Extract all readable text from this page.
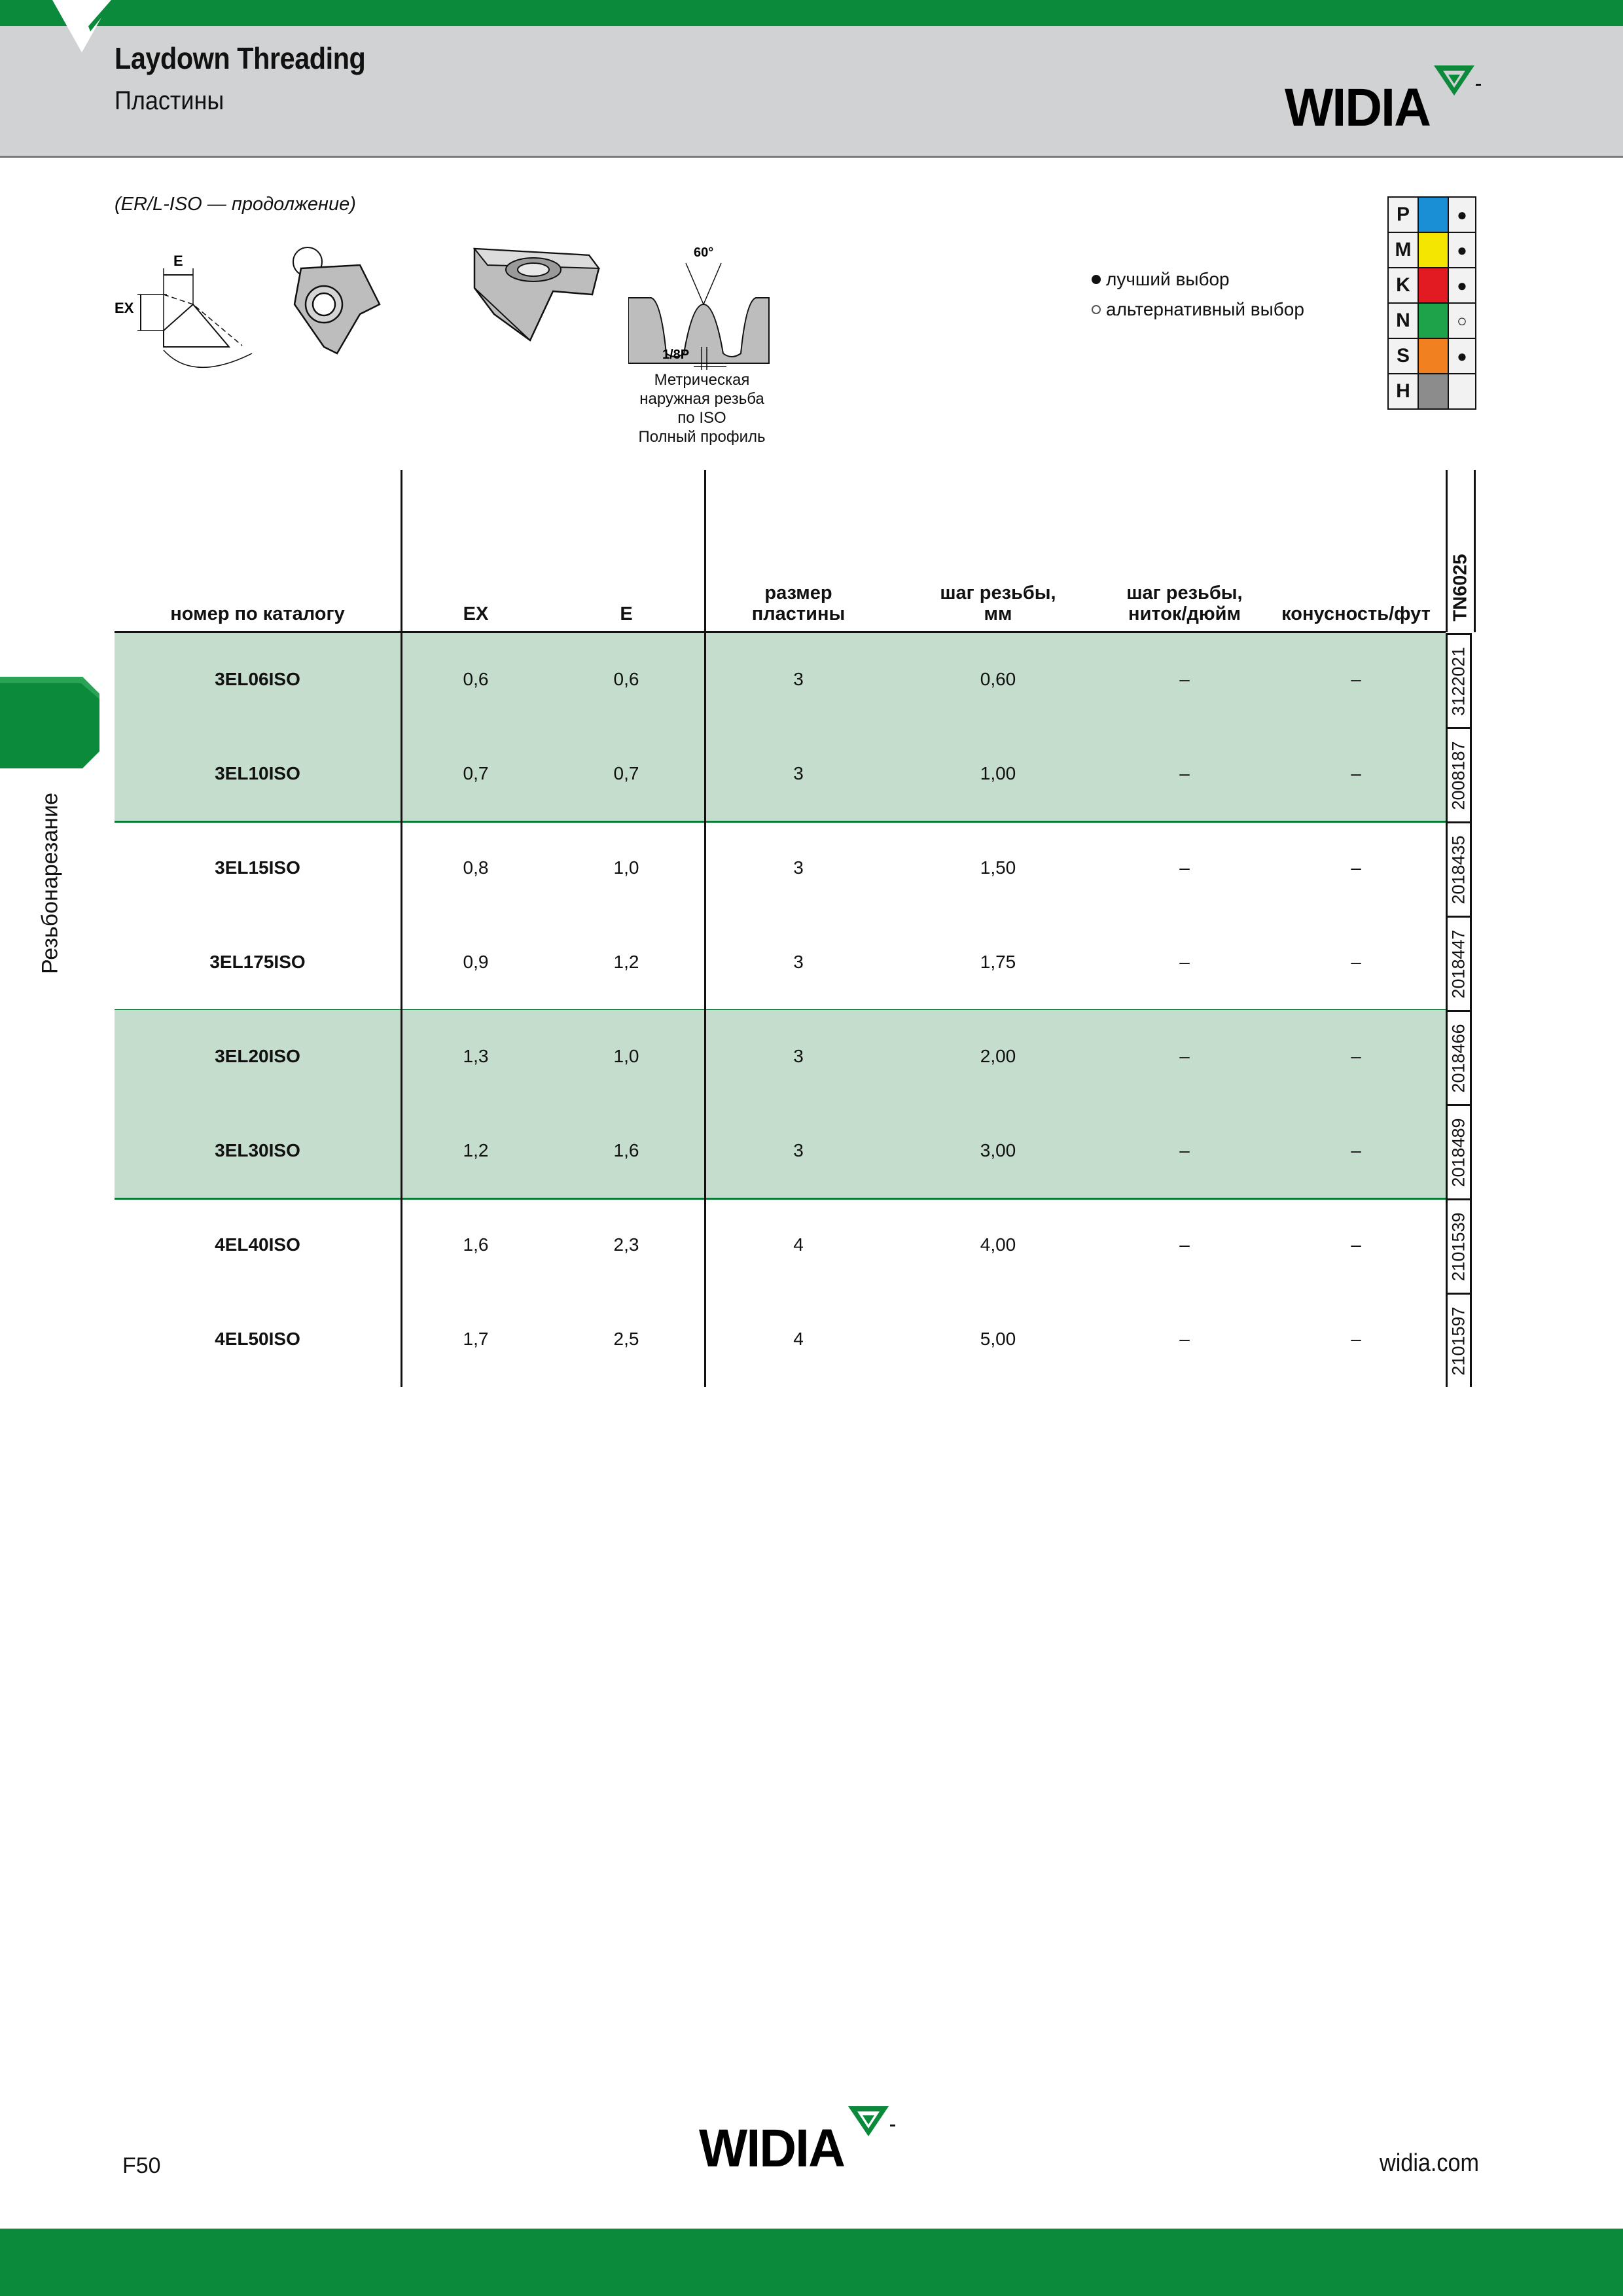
Laydown Threading
Пластины	WIDIA
Резьбонарезание
(ER/L-ISO — продолжение)
E
EX
60°
1/8P
Метрическая
наружная резьба
по ISO
Полный профиль
лучший выбор
альтернативный выбор
P		●
M		●
K		●
N		○
S		●
H		
номер по каталогу	EX	E
размер
пластины
шаг резьбы,
мм
шаг резьбы,
ниток/дюйм	конусность/фут	TN6025
3EL06ISO	0,6	0,6	3	0,60	–	–	3122021
3EL10ISO	0,7	0,7	3	1,00	–	–	2008187
3EL15ISO	0,8	1,0	3	1,50	–	–	2018435
3EL175ISO	0,9	1,2	3	1,75	–	–	2018447
3EL20ISO	1,3	1,0	3	2,00	–	–	2018466
3EL30ISO	1,2	1,6	3	3,00	–	–	2018489
4EL40ISO	1,6	2,3	4	4,00	–	–	2101539
4EL50ISO	1,7	2,5	4	5,00	–	–	2101597
F50	WIDIA	widia.com
